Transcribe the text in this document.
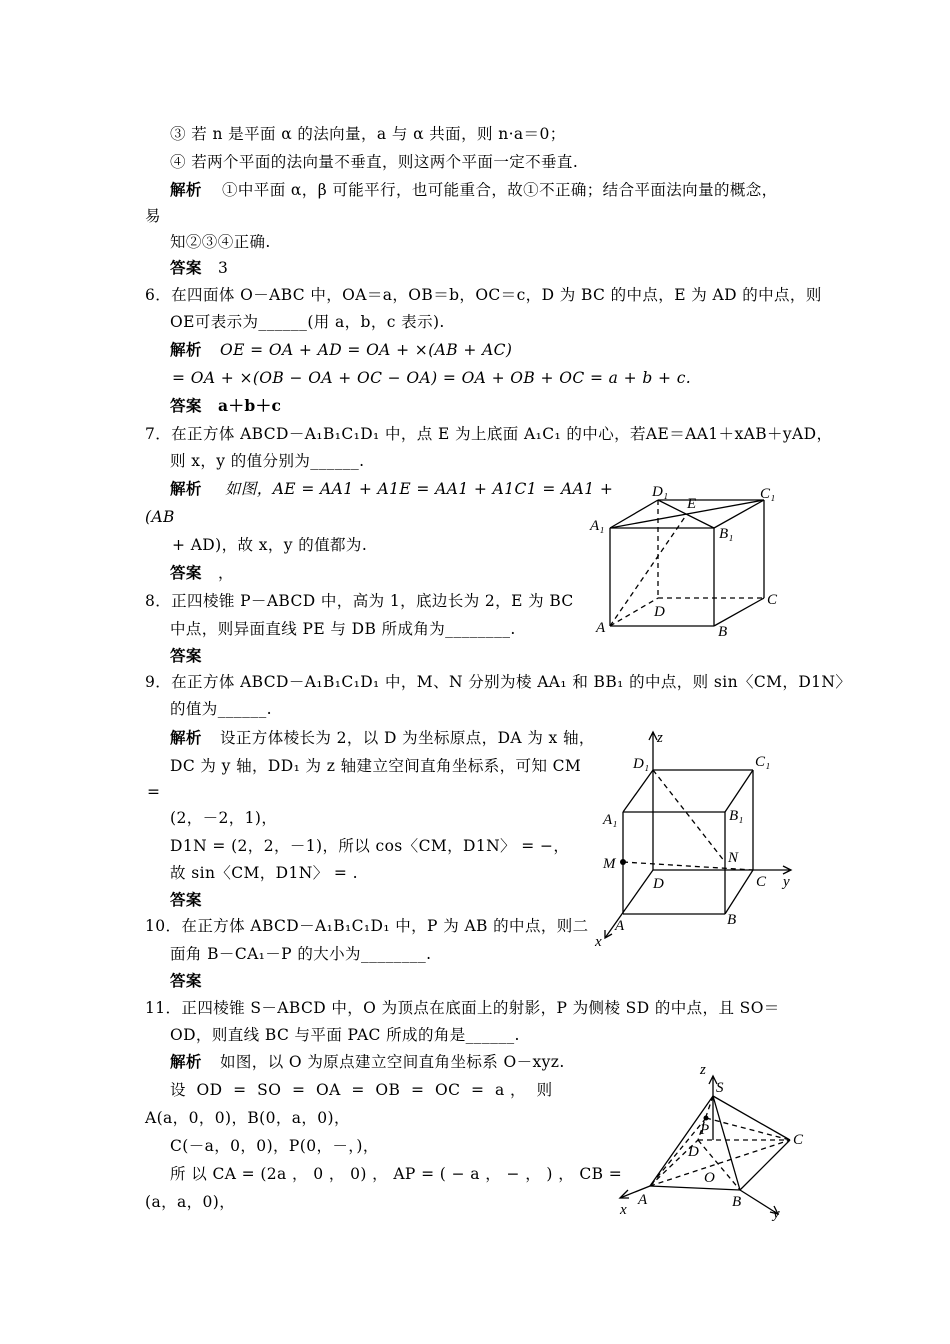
③ 若 n 是平面 α 的法向量，a 与 α 共面，则 n·a＝0；
④ 若两个平面的法向量不垂直，则这两个平面一定不垂直.
解析 ①中平面 α，β 可能平行，也可能重合，故①不正确；结合平面法向量的概念，
易
知②③④正确.
答案 3
6．在四面体 O－ABC 中，OA＝a，OB＝b，OC＝c，D 为 BC 的中点，E 为 AD 的中点，则
OE可表示为______(用 a，b，c 表示).
解析 OE = OA + AD = OA + ×(AB + AC)
= OA + ×(OB − OA + OC − OA) = OA + OB + OC = a + b + c.
答案 a＋b＋c
7．在正方体 ABCD－A₁B₁C₁D₁ 中，点 E 为上底面 A₁C₁ 的中心，若AE＝AA1＋xAB＋yAD，
则 x，y 的值分别为______.
解析 如图，AE = AA1 + A1E = AA1 + A1C1 = AA1 +
(AB
+ AD)，故 x，y 的值都为.
答案 ，
8．正四棱锥 P－ABCD 中，高为 1，底边长为 2，E 为 BC
中点，则异面直线 PE 与 DB 所成角为________.
答案
9．在正方体 ABCD－A₁B₁C₁D₁ 中，M、N 分别为棱 AA₁ 和 BB₁ 的中点，则 sin〈CM，D1N〉
的值为______.
解析 设正方体棱长为 2，以 D 为坐标原点，DA 为 x 轴，
DC 为 y 轴，DD₁ 为 z 轴建立空间直角坐标系，可知 CM
=
(2，－2，1)，
D1N = (2，2，－1)，所以 cos〈CM，D1N〉 = −，
故 sin〈CM，D1N〉 = .
答案
10．在正方体 ABCD－A₁B₁C₁D₁ 中，P 为 AB 的中点，则二
面角 B－CA₁－P 的大小为________.
答案
11．正四棱锥 S－ABCD 中，O 为顶点在底面上的射影，P 为侧棱 SD 的中点，且 SO＝
OD，则直线 BC 与平面 PAC 所成的角是______.
解析 如图，以 O 为原点建立空间直角坐标系 O－xyz.
设  OD  =  SO  =  OA  =  OB  =  OC  =  a ，  则
A(a，0，0)，B(0，a，0)，
C(－a，0，0)，P(0，－，)，
所 以 CA = (2a ， 0 ， 0) ， AP = ( − a ， − ， ) ， CB =
(a，a，0)，
D₁
E
C₁
A₁	B₁
D
C
A	B
z
D₁	C₁
A₁	B₁
M	N
D	C y
A	B
x
z
S
P
C
D
O
A	B
x	y
